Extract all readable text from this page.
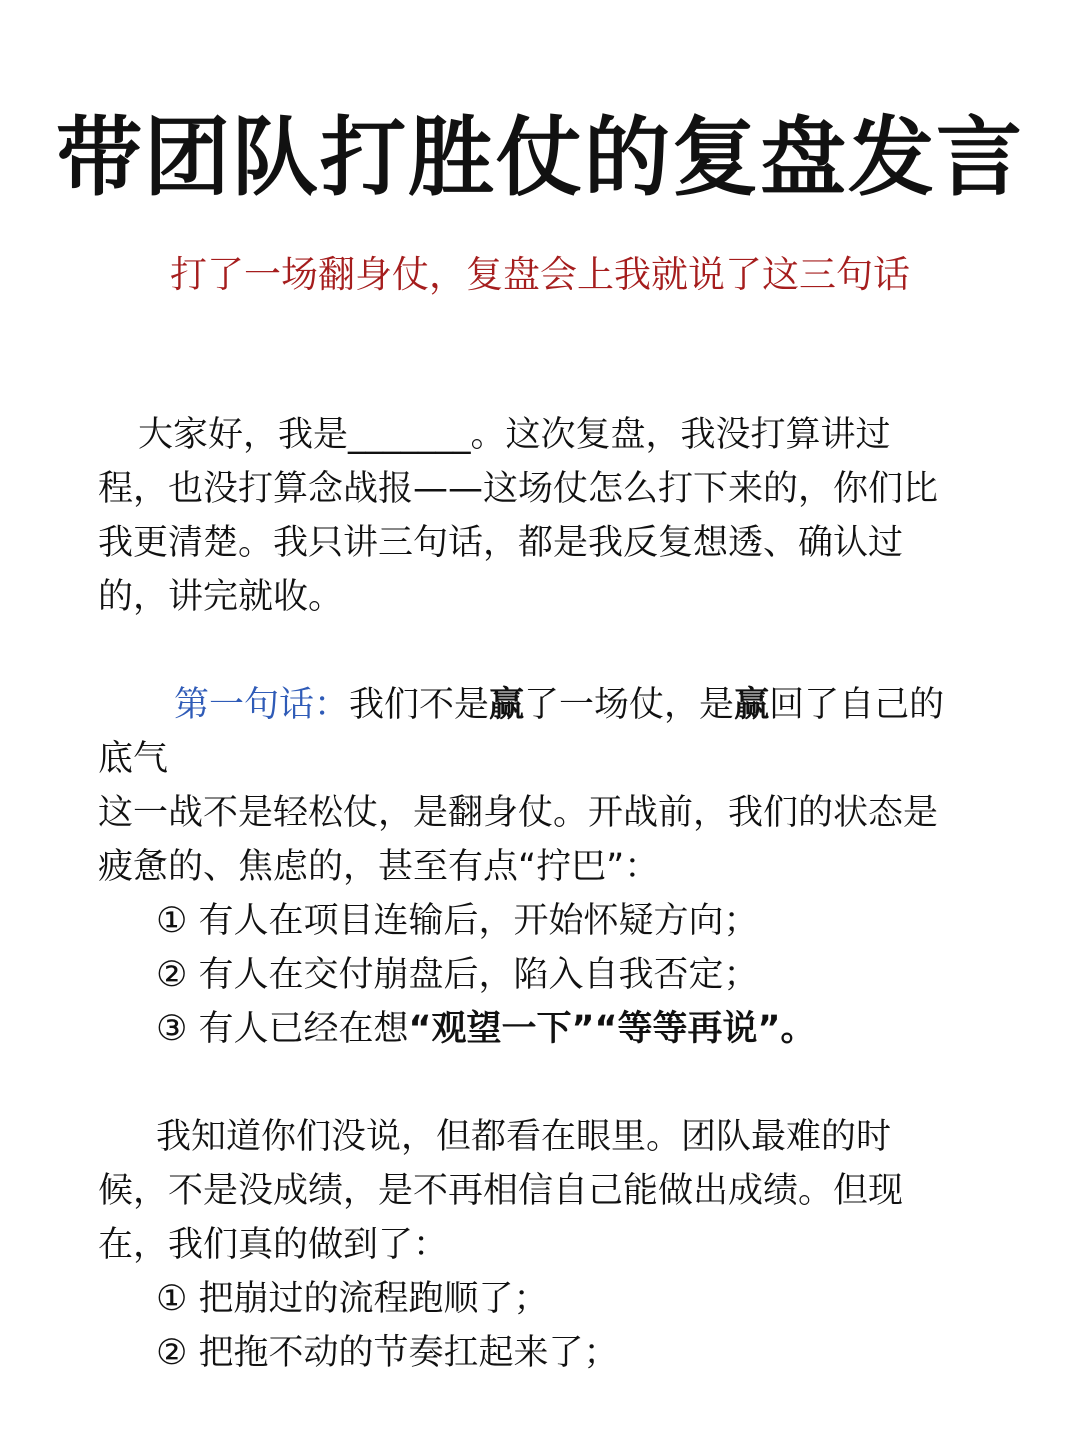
带团队打胜仗的复盘发言
打了一场翻身仗，复盘会上我就说了这三句话
大家好，我是_______。这次复盘，我没打算讲过
程，也没打算念战报——这场仗怎么打下来的，你们比
我更清楚。我只讲三句话，都是我反复想透、确认过
的，讲完就收。
第一句话：我们不是赢了一场仗，是赢回了自己的
底气
这一战不是轻松仗，是翻身仗。开战前，我们的状态是
疲惫的、焦虑的，甚至有点“拧巴”：
① 有人在项目连输后，开始怀疑方向；
② 有人在交付崩盘后，陷入自我否定；
③ 有人已经在想“观望一下”“等等再说”。
我知道你们没说，但都看在眼里。团队最难的时
候，不是没成绩，是不再相信自己能做出成绩。但现
在，我们真的做到了：
① 把崩过的流程跑顺了；
② 把拖不动的节奏扛起来了；
